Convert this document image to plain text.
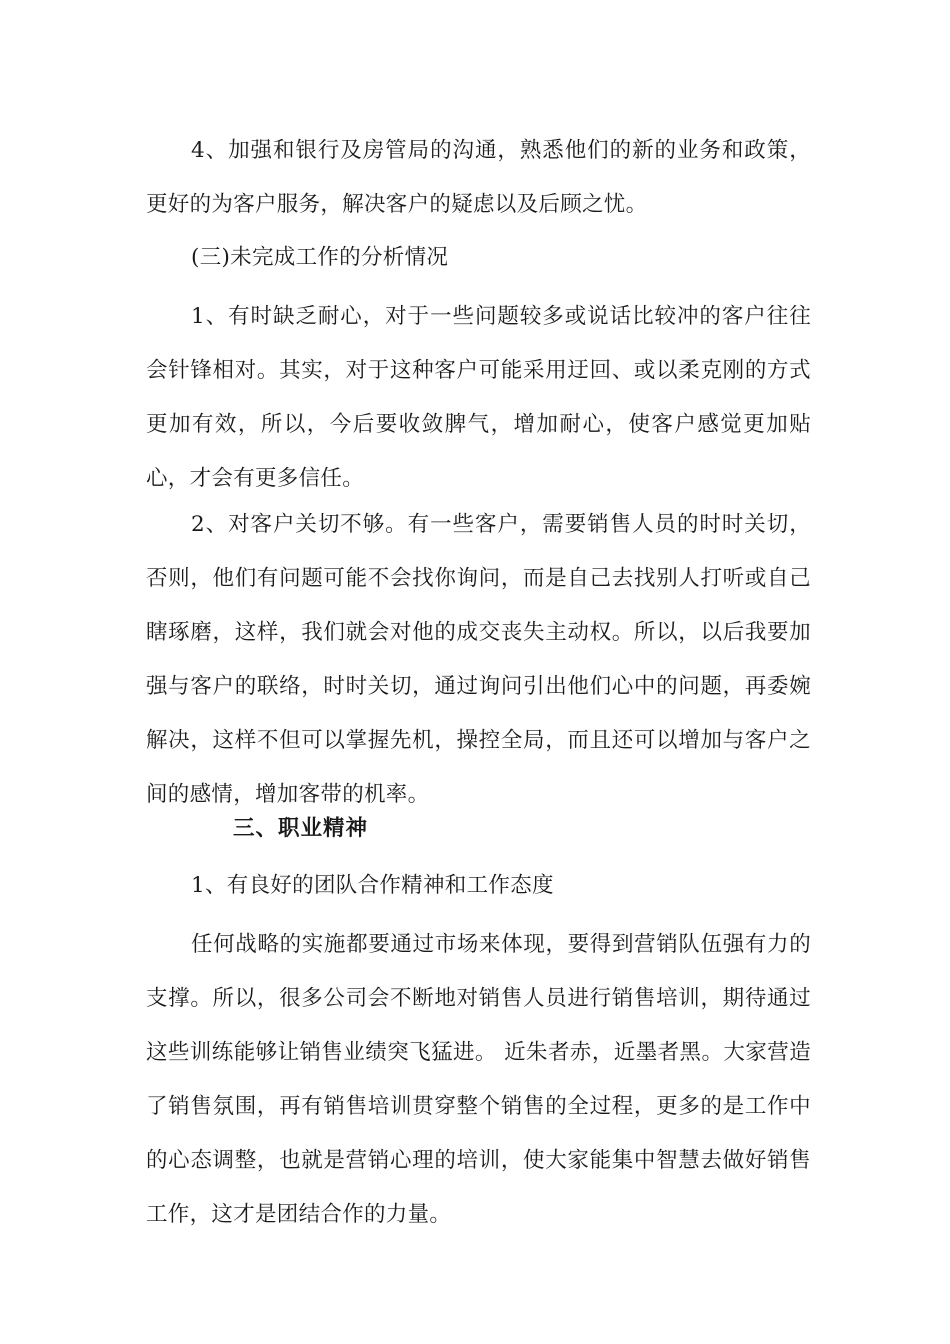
4、加强和银行及房管局的沟通，熟悉他们的新的业务和政策，更好的为客户服务，解决客户的疑虑以及后顾之忧。

(三)未完成工作的分析情况

1、有时缺乏耐心，对于一些问题较多或说话比较冲的客户往往会针锋相对。其实，对于这种客户可能采用迂回、或以柔克刚的方式更加有效，所以，今后要收敛脾气，增加耐心，使客户感觉更加贴心，才会有更多信任。

2、对客户关切不够。有一些客户，需要销售人员的时时关切，否则，他们有问题可能不会找你询问，而是自己去找别人打听或自己瞎琢磨，这样，我们就会对他的成交丧失主动权。所以，以后我要加强与客户的联络，时时关切，通过询问引出他们心中的问题，再委婉解决，这样不但可以掌握先机，操控全局，而且还可以增加与客户之间的感情，增加客带的机率。

三、职业精神

1、有良好的团队合作精神和工作态度

任何战略的实施都要通过市场来体现，要得到营销队伍强有力的支撑。所以，很多公司会不断地对销售人员进行销售培训，期待通过这些训练能够让销售业绩突飞猛进。 近朱者赤，近墨者黑。大家营造了销售氛围，再有销售培训贯穿整个销售的全过程，更多的是工作中的心态调整，也就是营销心理的培训，使大家能集中智慧去做好销售工作，这才是团结合作的力量。
